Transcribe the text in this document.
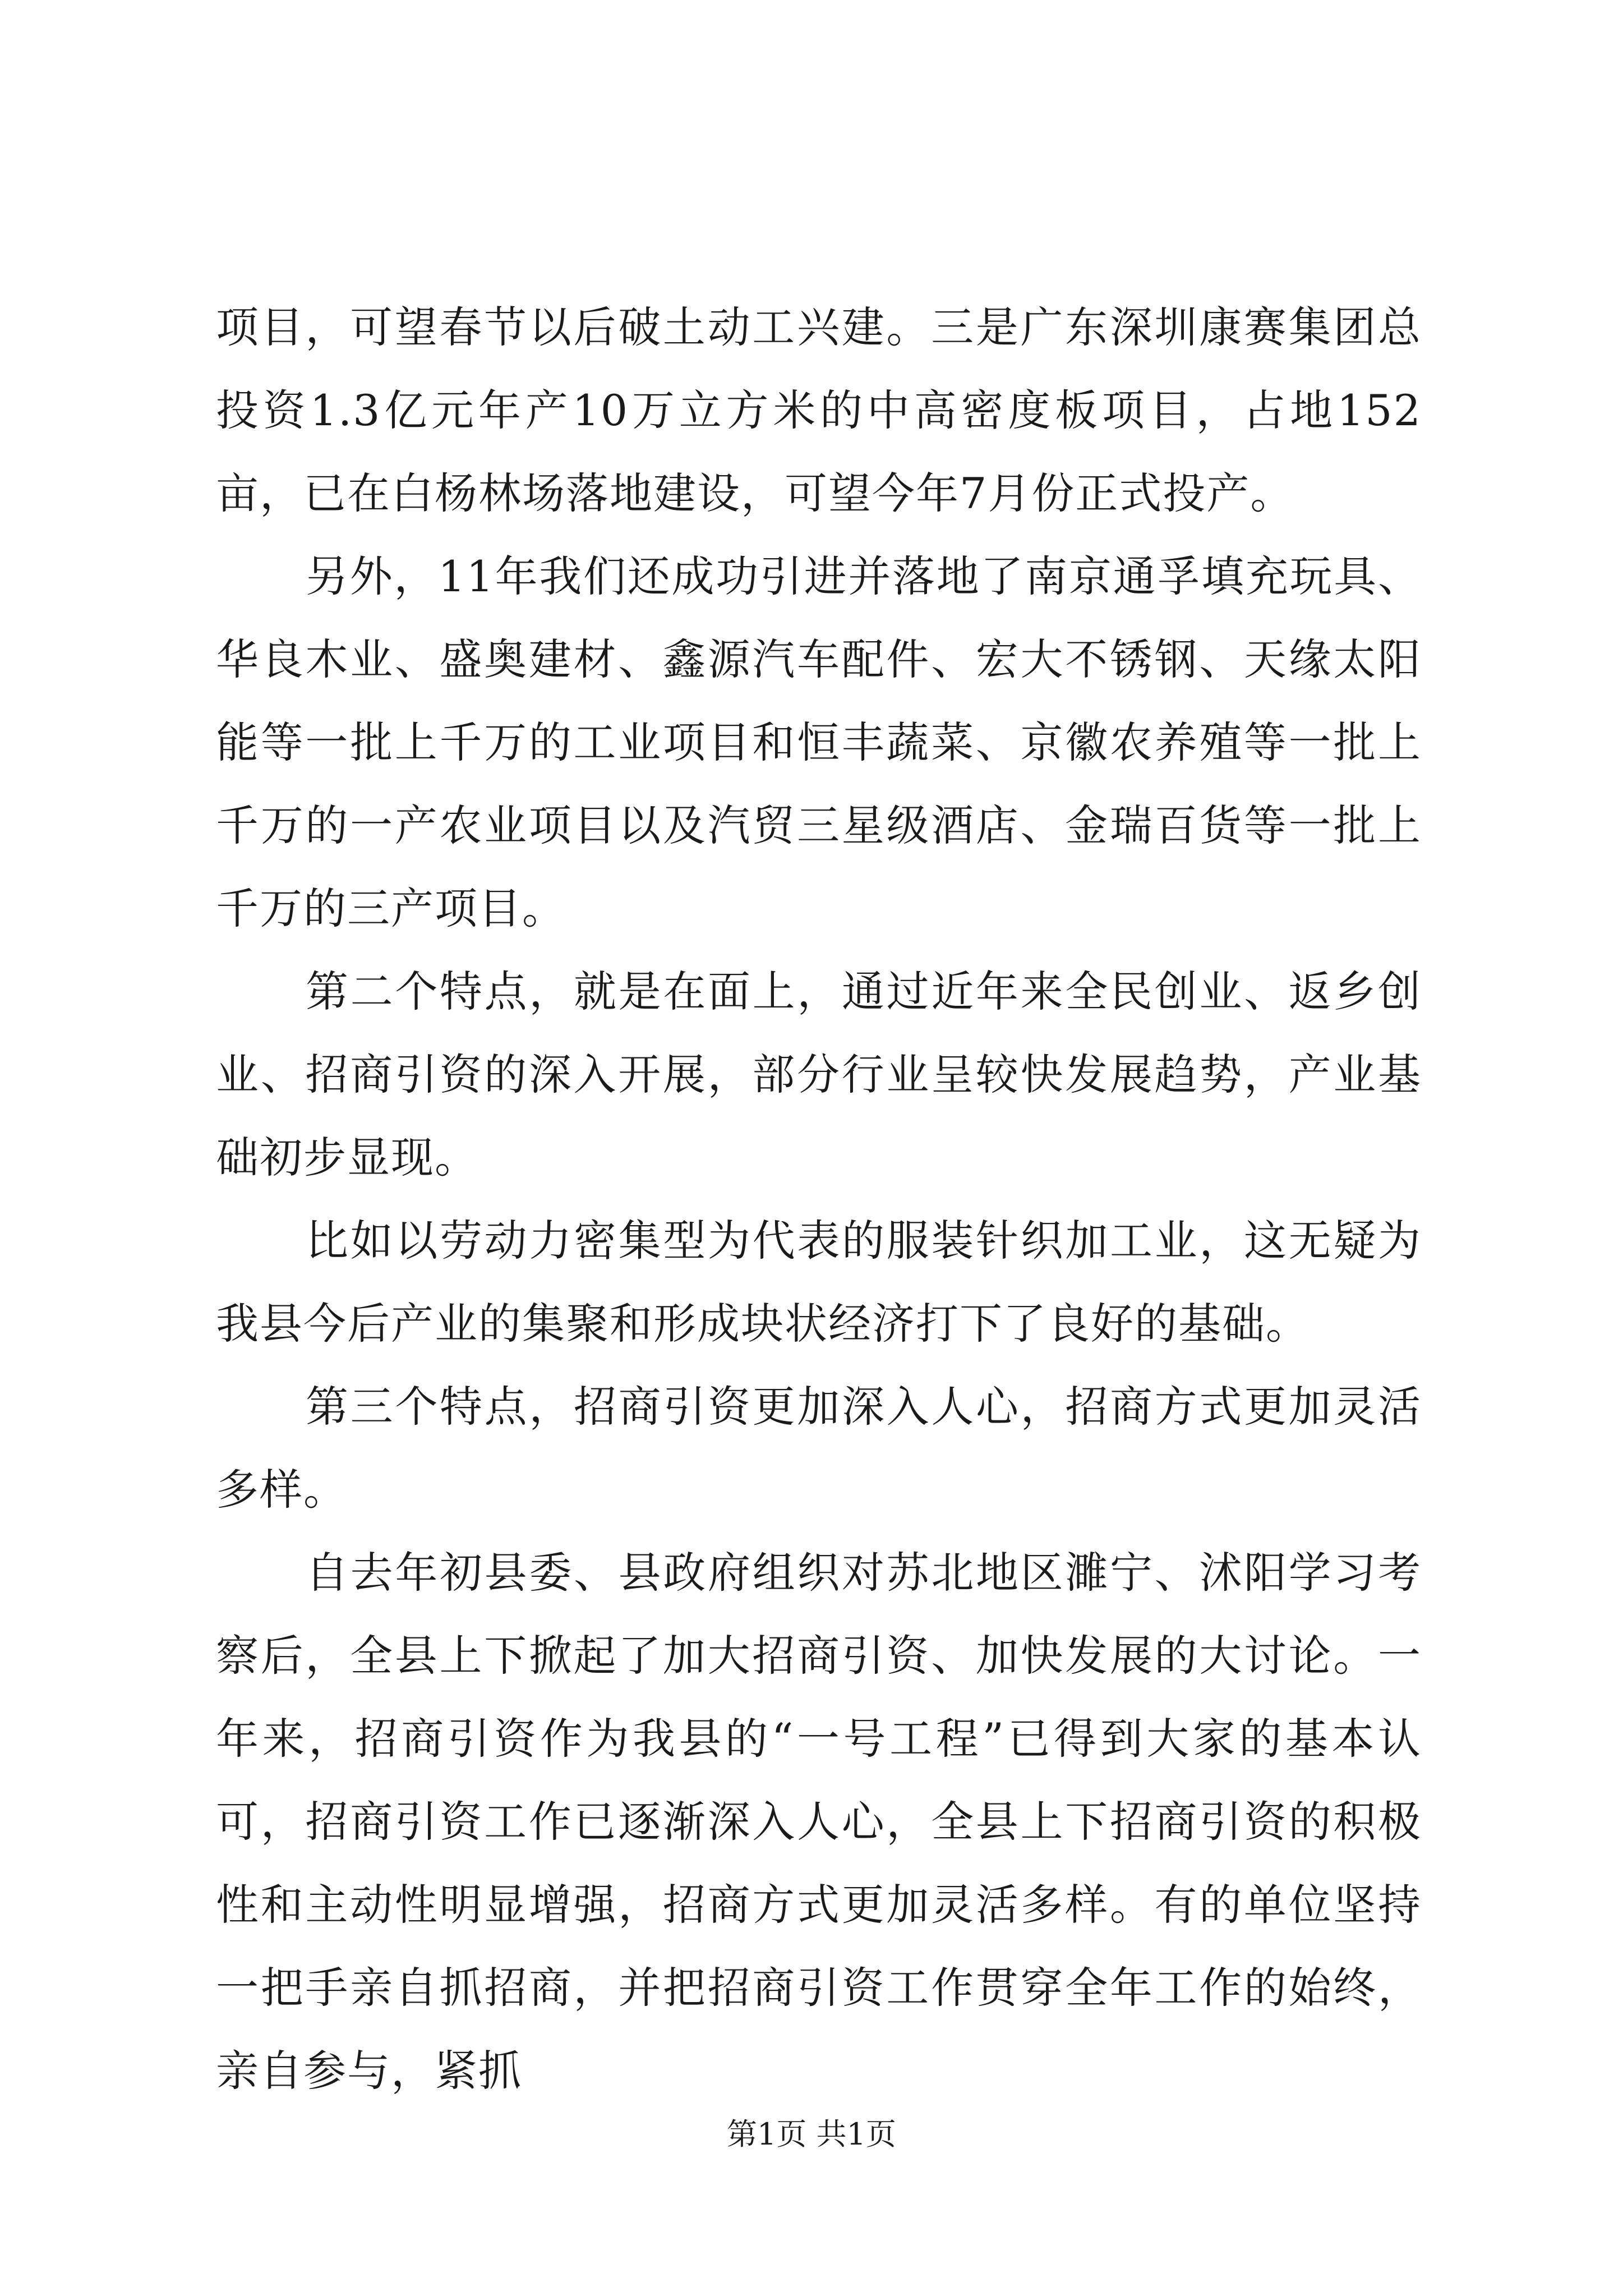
项目，可望春节以后破土动工兴建。三是广东深圳康赛集团总投资1.3亿元年产10万立方米的中高密度板项目，占地152亩，已在白杨林场落地建设，可望今年7月份正式投产。

另外，11年我们还成功引进并落地了南京通孚填充玩具、华良木业、盛奥建材、鑫源汽车配件、宏大不锈钢、天缘太阳能等一批上千万的工业项目和恒丰蔬菜、京徽农养殖等一批上千万的一产农业项目以及汽贸三星级酒店、金瑞百货等一批上千万的三产项目。

第二个特点，就是在面上，通过近年来全民创业、返乡创业、招商引资的深入开展，部分行业呈较快发展趋势，产业基础初步显现。

比如以劳动力密集型为代表的服装针织加工业，这无疑为我县今后产业的集聚和形成块状经济打下了良好的基础。

第三个特点，招商引资更加深入人心，招商方式更加灵活多样。

自去年初县委、县政府组织对苏北地区濉宁、沭阳学习考察后，全县上下掀起了加大招商引资、加快发展的大讨论。一年来，招商引资作为我县的“一号工程”已得到大家的基本认可，招商引资工作已逐渐深入人心，全县上下招商引资的积极性和主动性明显增强，招商方式更加灵活多样。有的单位坚持一把手亲自抓招商，并把招商引资工作贯穿全年工作的始终，亲自参与，紧抓

第1页 共1页
